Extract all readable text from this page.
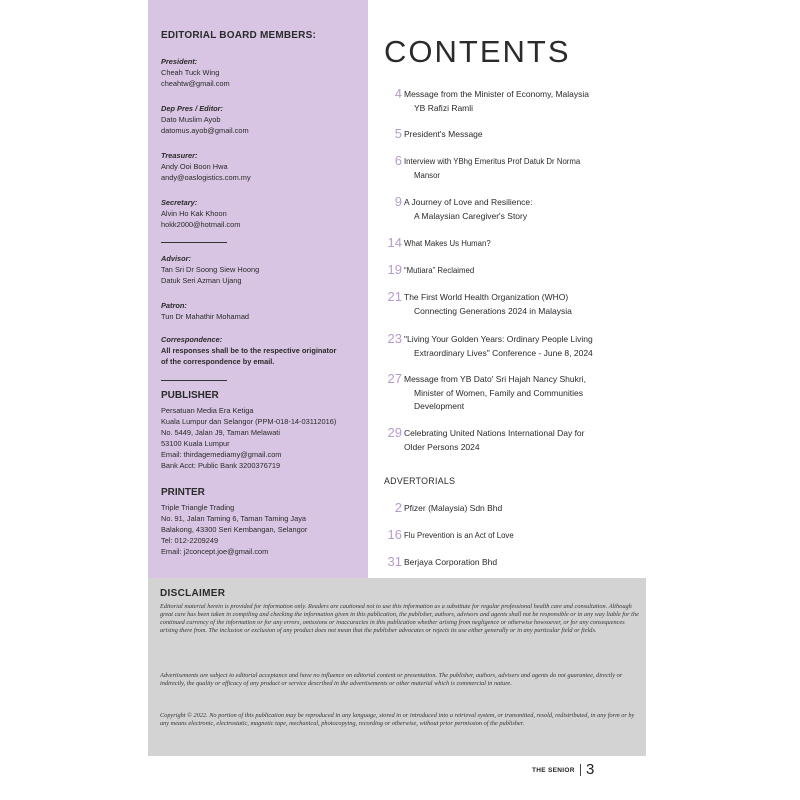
EDITORIAL BOARD MEMBERS:
President:
Cheah Tuck Wing
cheahtw@gmail.com
Dep Pres / Editor:
Dato Muslim Ayob
datomus.ayob@gmail.com
Treasurer:
Andy Ooi Boon Hwa
andy@oaslogistics.com.my
Secretary:
Alvin Ho Kak Khoon
hokk2000@hotmail.com
Advisor:
Tan Sri Dr Soong Siew Hoong
Datuk Seri Azman Ujang
Patron:
Tun Dr Mahathir Mohamad
Correspondence:
All responses shall be to the respective originator
of the correspondence by email.
PUBLISHER
Persatuan Media Era Ketiga
Kuala Lumpur dan Selangor (PPM-018-14-03112016)
No. 5449, Jalan J9, Taman Melawati
53100 Kuala Lumpur
Email: thirdagemediamy@gmail.com
Bank Acct: Public Bank 3200376719
PRINTER
Triple Triangle Trading
No. 91, Jalan Taming 6, Taman Taming Jaya
Balakong, 43300 Seri Kembangan, Selangor
Tel: 012-2209249
Email: j2concept.joe@gmail.com
CONTENTS
4 Message from the Minister of Economy, Malaysia
YB Rafizi Ramli
5 President's Message
6 Interview with YBhg Emeritus Prof Datuk Dr Norma
Mansor
9 A Journey of Love and Resilience:
A Malaysian Caregiver's Story
14 What Makes Us Human?
19 “Mutiara” Reclaimed
21 The First World Health Organization (WHO)
Connecting Generations 2024 in Malaysia
23 "Living Your Golden Years: Ordinary People Living
Extraordinary Lives" Conference - June 8, 2024
27 Message from YB Dato' Sri Hajah Nancy Shukri,
Minister of Women, Family and Communities
Development
29 Celebrating United Nations International Day for
Older Persons 2024
ADVERTORIALS
2 Pfizer (Malaysia) Sdn Bhd
16 Flu Prevention is an Act of Love
31 Berjaya Corporation Bhd
DISCLAIMER

Editorial material herein is provided for information only. Readers are cautioned not to use this information as a substitute for regular professional health care and consultation. Although great care has been taken in compiling and checking the information given in this publication, the publisher, authors, advisors and agents shall not be responsible or in any way liable for the continued currency of the information or for any errors, omissions or inaccuracies in this publication whether arising from negligence or otherwise howsoever, or for any consequences arising there from. The inclusion or exclusion of any product does not mean that the publisher advocates or rejects its use either generally or in any particular field or fields.

Advertisements are subject to editorial acceptance and have no influence on editorial content or presentation. The publisher, authors, advisers and agents do not guarantee, directly or indirectly, the quality or efficacy of any product or service described in the advertisements or other material which is commercial in nature.

Copyright © 2022. No portion of this publication may be reproduced in any language, stored in or introduced into a retrieval system, or transmitted, resold, redistributed, in any form or by any means electronic, electrostatic, magnetic tape, mechanical, photocopying, recording or otherwise, without prior permission of the publisher.

THE SENIOR 3
